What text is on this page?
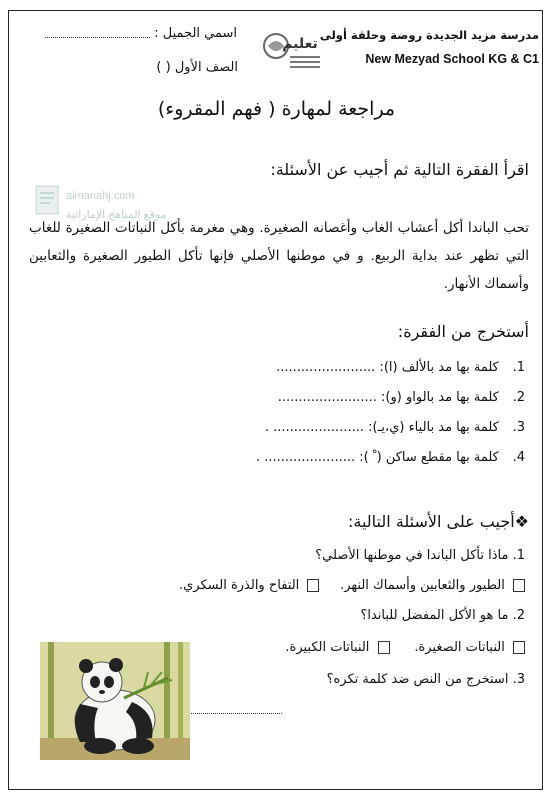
مدرسة مزيد الجديدة روضة وحلقة أولى
New Mezyad School KG & C1
تعليم
اسمي الجميل :
الصف الأول ( )
مراجعة لمهارة ( فهم المقروء)
almanahj.com
موقع المناهج الإماراتية
اقرأ الفقرة التالية ثم أجيب عن الأسئلة:
تحب الباندا أكل أعشاب الغاب وأغصانه الصغيرة. وهي مغرمة بأكل النباتات الصغيرة للغاب التي تظهر عند بداية الربيع. و في موطنها الأصلي فإنها تأكل الطيور الصغيرة والثعابين وأسماك الأنهار.
أستخرج من الفقرة:
1. كلمة بها مد بالألف (ا): ........................
2. كلمة بها مد بالواو (و): ........................
3. كلمة بها مد بالياء (ي،يـ): ...................... .
4. كلمة بها مقطع ساكن ( ْ ): ...................... .
❖أجيب على الأسئلة التالية:
1. ماذا تأكل الباندا في موطنها الأصلي؟
الطيور والثعابين وأسماك النهر.      التفاح والذرة السكري.
2. ما هو الأكل المفضل للباندا؟
النباتات الصغيرة.       النباتات الكبيرة.
3. استخرج من النص ضد كلمة تكره؟
